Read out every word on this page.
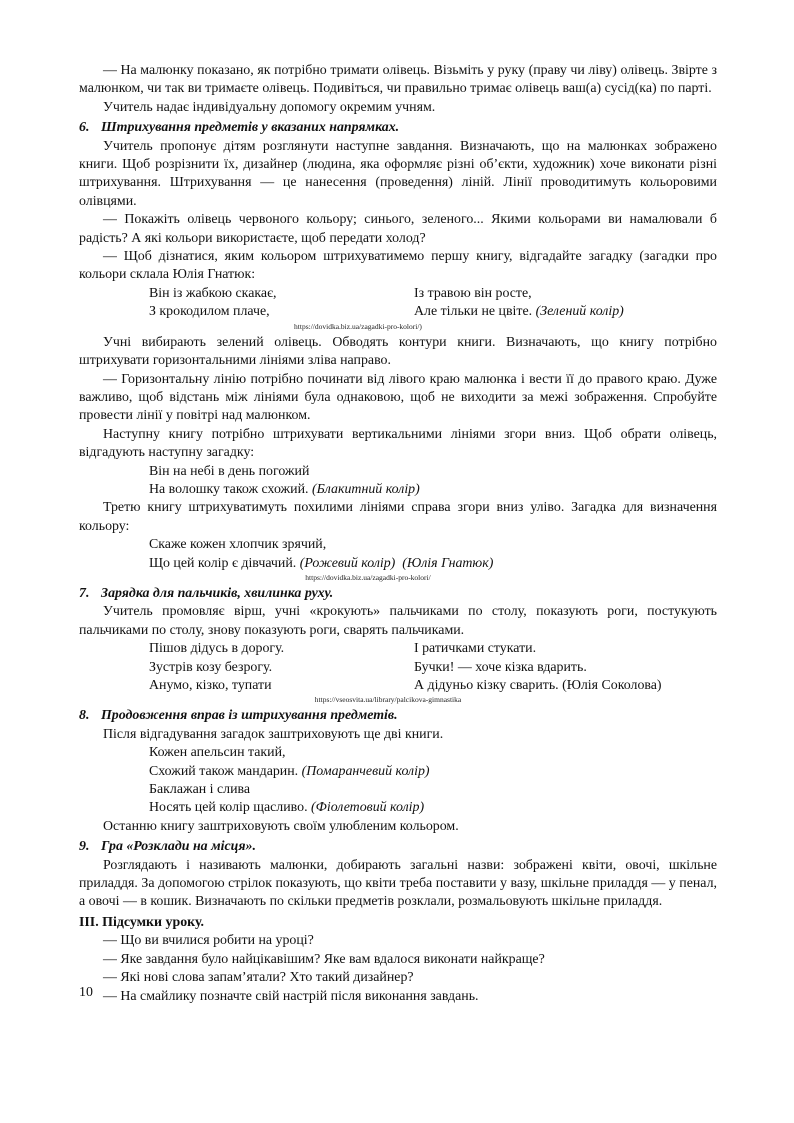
— На малюнку показано, як потрібно тримати олівець. Візьміть у руку (праву чи ліву) олівець. Звірте з малюнком, чи так ви тримаєте олівець. Подивіться, чи правильно тримає олівець ваш(а) сусід(ка) по парті.

Учитель надає індивідуальну допомогу окремим учням.

6. Штрихування предметів у вказаних напрямках.

Учитель пропонує дітям розглянути наступне завдання. Визначають, що на малюнках зображено книги. Щоб розрізнити їх, дизайнер (людина, яка оформляє різні об’єкти, художник) хоче виконати різні штрихування. Штрихування — це нанесення (проведення) ліній. Лінії проводитимуть кольоровими олівцями.

— Покажіть олівець червоного кольору; синього, зеленого... Якими кольорами ви намалювали б радість? А які кольори використаєте, щоб передати холод?

— Щоб дізнатися, яким кольором штрихуватимемо першу книгу, відгадайте загадку (загадки про кольори склала Юлія Гнатюк:

Він із жабкою скакає,
З крокодилом плаче,
Із травою він росте,
Але тільки не цвіте. (Зелений колір)

https://dovidka.biz.ua/zagadki-pro-kolori/)

Учні вибирають зелений олівець. Обводять контури книги. Визначають, що книгу потрібно штрихувати горизонтальними лініями зліва направо.

— Горизонтальну лінію потрібно починати від лівого краю малюнка і вести її до правого краю. Дуже важливо, щоб відстань між лініями була однаковою, щоб не виходити за межі зображення. Спробуйте провести лінії у повітрі над малюнком.

Наступну книгу потрібно штрихувати вертикальними лініями згори вниз. Щоб обрати олівець, відгадують наступну загадку:

Він на небі в день погожий
На волошку також схожий. (Блакитний колір)

Третю книгу штрихуватимуть похилими лініями справа згори вниз уліво. Загадка для визначення кольору:

Скаже кожен хлопчик зрячий,
Що цей колір є дівчачий. (Рожевий колір) (Юлія Гнатюк)

https://dovidka.biz.ua/zagadki-pro-kolori/

7. Зарядка для пальчиків, хвилинка руху.

Учитель промовляє вірш, учні «крокують» пальчиками по столу, показують роги, постукують пальчиками по столу, знову показують роги, сварять пальчиками.

Пішов дідусь в дорогу.
Зустрів козу безрогу.
Анумо, кізко, тупати
І ратичками стукати.
Бучки! — хоче кізка вдарить.
А дідуньо кізку сварить. (Юлія Соколова)

https://vseosvita.ua/library/palcikova-gimnastika

8. Продовження вправ із штрихування предметів.

Після відгадування загадок заштриховують ще дві книги.

Кожен апельсин такий,
Схожий також мандарин. (Помаранчевий колір)
Баклажан і слива
Носять цей колір щасливо. (Фіолетовий колір)

Останню книгу заштриховують своїм улюбленим кольором.

9. Гра «Розклади на місця».

Розглядають і називають малюнки, добирають загальні назви: зображені квіти, овочі, шкільне приладдя. За допомогою стрілок показують, що квіти треба поставити у вазу, шкільне приладдя — у пенал, а овочі — в кошик. Визначають по скільки предметів розклали, розмальовують шкільне приладдя.

ІІІ. Підсумки уроку.

— Що ви вчилися робити на уроці?

— Яке завдання було найцікавішим? Яке вам вдалося виконати найкраще?

— Які нові слова запам’ятали? Хто такий дизайнер?

— На смайлику позначте свій настрій після виконання завдань.

10
